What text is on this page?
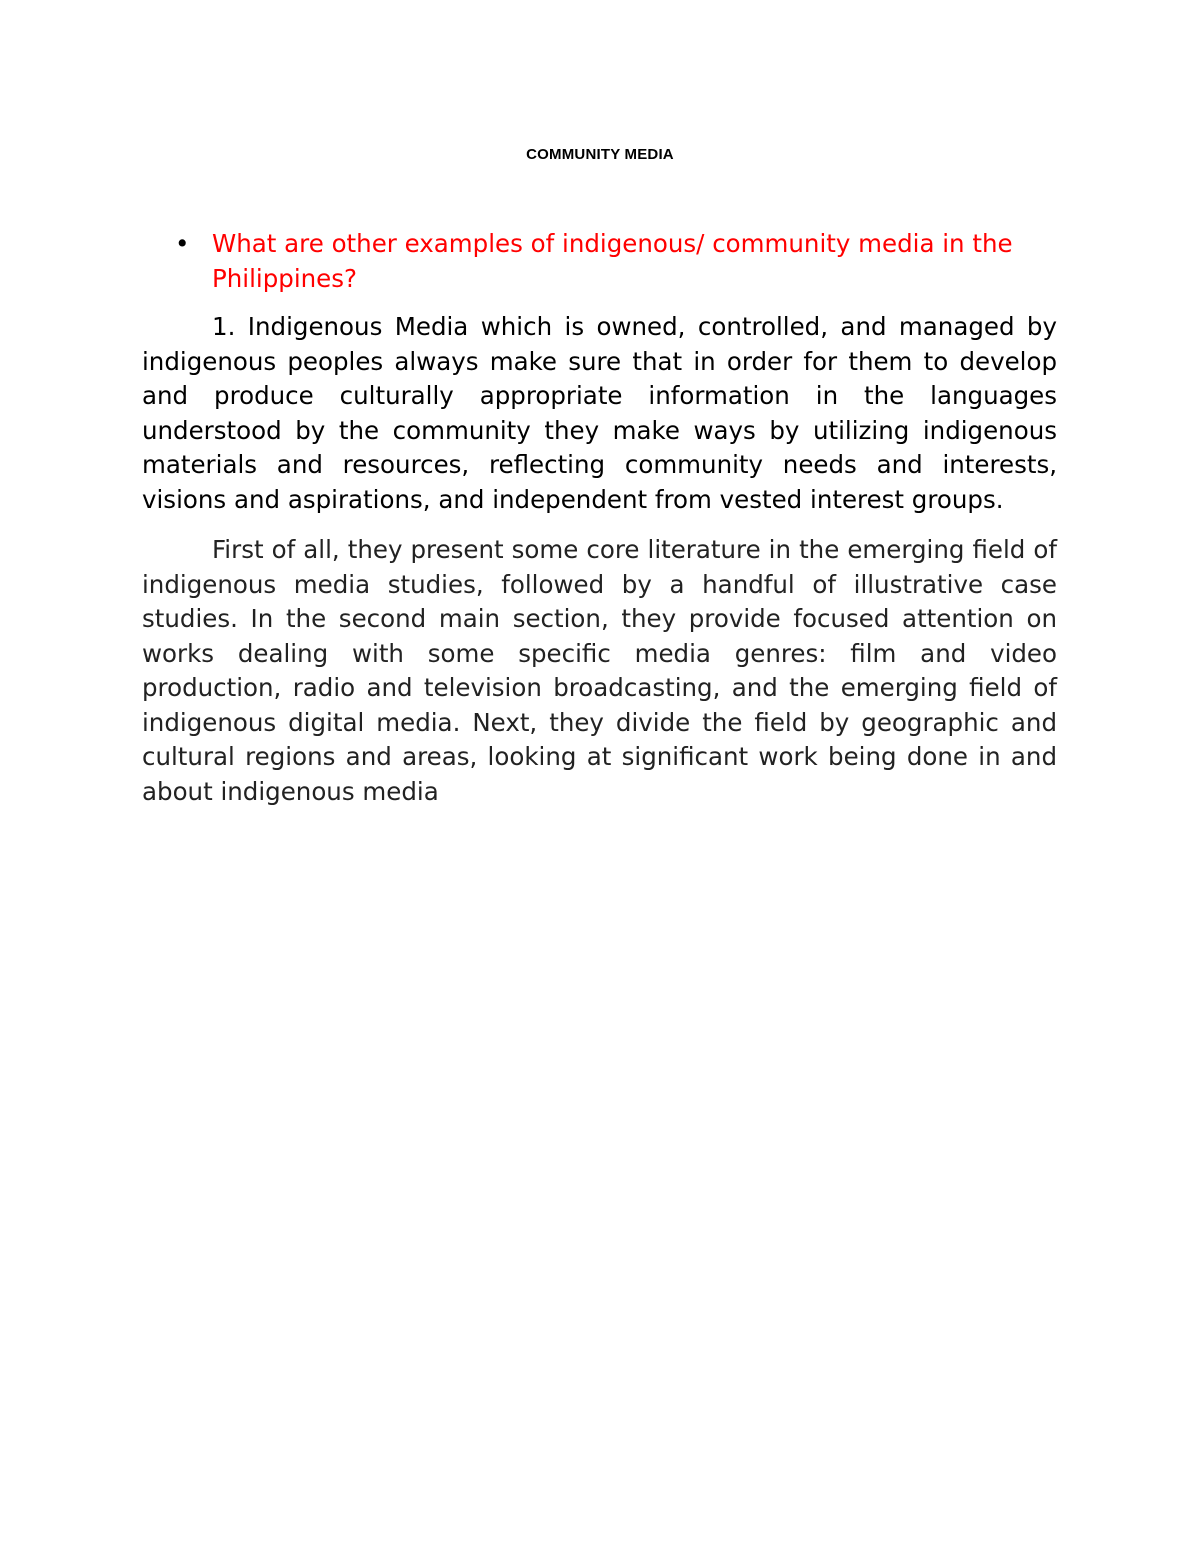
COMMUNITY MEDIA
• What are other examples of indigenous/ community media in the Philippines?

1. Indigenous Media which is owned, controlled, and managed by indigenous peoples always make sure that in order for them to develop and produce culturally appropriate information in the languages understood by the community they make ways by utilizing indigenous materials and resources, reflecting community needs and interests, visions and aspirations, and independent from vested interest groups.

First of all, they present some core literature in the emerging field of indigenous media studies, followed by a handful of illustrative case studies. In the second main section, they provide focused attention on works dealing with some specific media genres: film and video production, radio and television broadcasting, and the emerging field of indigenous digital media. Next, they divide the field by geographic and cultural regions and areas, looking at significant work being done in and about indigenous media
